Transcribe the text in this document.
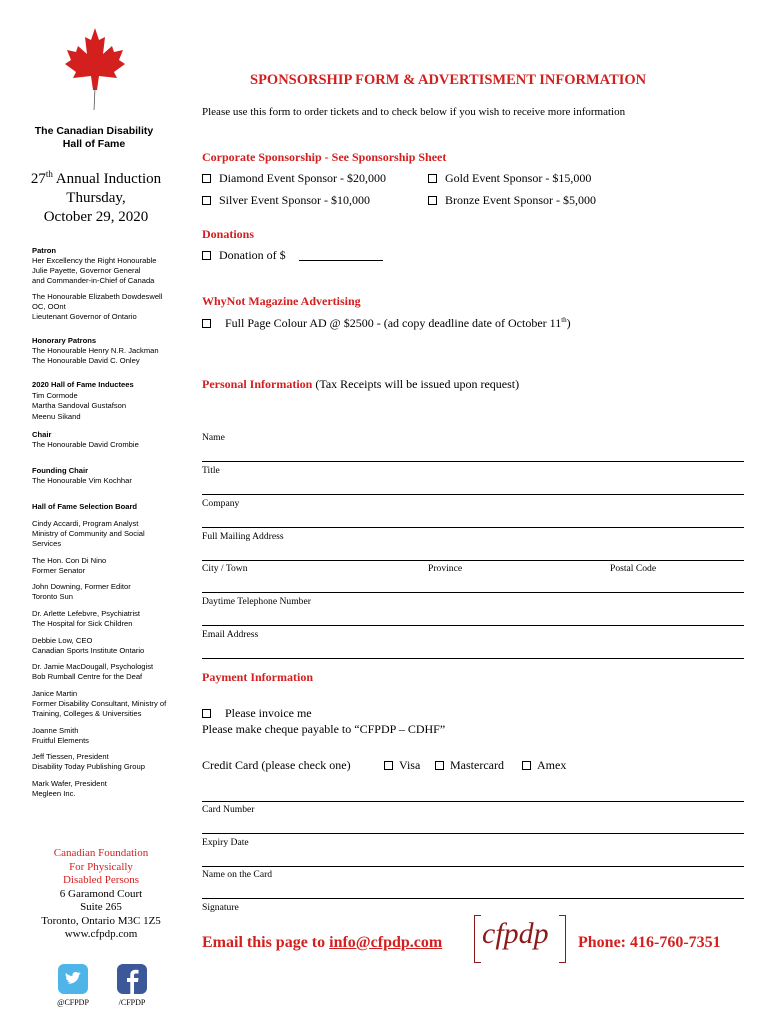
SPONSORSHIP FORM & ADVERTISMENT INFORMATION
Please use this form to order tickets and to check below if you wish to receive more information
The Canadian Disability
Hall of Fame
27th Annual Induction
Thursday,
October 29, 2020
Patron
Her Excellency the Right Honourable
Julie Payette, Governor General
and Commander-in-Chief of Canada
The Honourable Elizabeth Dowdeswell
OC, OOnt
Lieutenant Governor of Ontario
Honorary Patrons
The Honourable Henry N.R. Jackman
The Honourable David C. Onley
2020 Hall of Fame Inductees
Tim Cormode
Martha Sandoval Gustafson
Meenu Sikand
Chair
The Honourable David Crombie
Founding Chair
The Honourable Vim Kochhar
Hall of Fame Selection Board
Cindy Accardi, Program Analyst
Ministry of Community and Social
Services
The Hon. Con Di Nino
Former Senator
John Downing, Former Editor
Toronto Sun
Dr. Arlette Lefebvre, Psychiatrist
The Hospital for Sick Children
Debbie Low, CEO
Canadian Sports Institute Ontario
Dr. Jamie MacDougall, Psychologist
Bob Rumball Centre for the Deaf
Janice Martin
Former Disability Consultant, Ministry of
Training, Colleges & Universities
Joanne Smith
Fruitful Elements
Jeff Tiessen, President
Disability Today Publishing Group
Mark Wafer, President
Megleen Inc.
Canadian Foundation
For Physically
Disabled Persons
6 Garamond Court
Suite 265
Toronto, Ontario M3C 1Z5
www.cfpdp.com
@CFPDP	/CFPDP
Corporate Sponsorship - See Sponsorship Sheet
Diamond Event Sponsor - $20,000	Gold Event Sponsor - $15,000
Silver Event Sponsor - $10,000	Bronze Event Sponsor - $5,000
Donations
Donation of $
WhyNot Magazine Advertising
Full Page Colour AD @ $2500 - (ad copy deadline date of October 11th)
Personal Information (Tax Receipts will be issued upon request)
Name
Title
Company
Full Mailing Address
City / Town	Province	Postal Code
Daytime Telephone Number
Email Address
Payment Information
Please invoice me
Please make cheque payable to “CFPDP – CDHF”
Credit Card (please check one)	Visa	Mastercard	Amex
Card Number
Expiry Date
Name on the Card
Signature
Email this page to info@cfpdp.com cfpdp Phone: 416-760-7351
